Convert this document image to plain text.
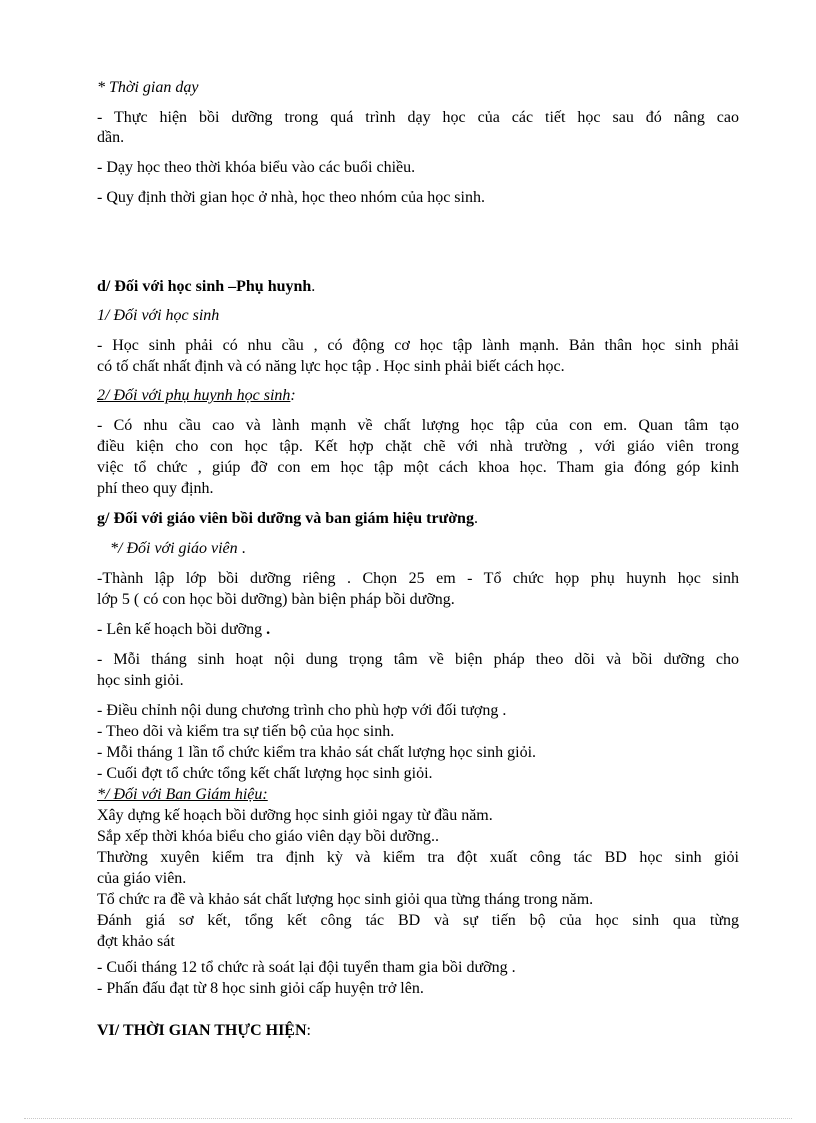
* Thời gian dạy

- Thực hiện bồi dưỡng trong quá trình dạy học của các tiết học sau đó nâng cao

dần.

- Dạy học theo thời khóa biểu vào các buổi chiều.

- Quy định thời gian học ở nhà, học theo nhóm của học sinh.

d/ Đối với học sinh –Phụ huynh.

1/ Đối với học sinh

- Học sinh phải có nhu cầu , có động cơ học tập lành mạnh. Bản thân học sinh phải

có tố chất nhất định và có năng lực học tập . Học sinh phải biết cách học.

2/ Đối với phụ huynh học sinh:

- Có nhu cầu cao và lành mạnh về chất lượng học tập của con em. Quan tâm tạo

điều kiện cho con học tập. Kết hợp chặt chẽ với nhà trường , với giáo viên trong

việc tổ chức , giúp đỡ con em học tập một cách khoa học. Tham gia đóng góp kinh

phí theo quy định.

g/ Đối với giáo viên bồi dưỡng và ban giám hiệu trường.

*/ Đối với giáo viên .

-Thành lập lớp bồi dưỡng riêng . Chọn 25 em - Tổ chức họp phụ huynh học sinh

lớp 5 ( có con học bồi dưỡng) bàn biện pháp bồi dưỡng.

- Lên kế hoạch bồi dưỡng .

- Mỗi tháng sinh hoạt nội dung trọng tâm về biện pháp theo dõi và bồi dưỡng cho

học sinh giỏi.

- Điều chỉnh nội dung chương trình cho phù hợp với đối tượng .

- Theo dõi và kiểm tra sự tiến bộ của học sinh.

- Mỗi tháng 1 lần tổ chức kiểm tra khảo sát chất lượng học sinh giỏi.

- Cuối đợt tổ chức tổng kết chất lượng học sinh giỏi.

*/ Đối với Ban Giám hiệu:

Xây dựng kế hoạch bồi dưỡng học sinh giỏi ngay từ đầu năm.

Sắp xếp thời khóa biểu cho giáo viên dạy bồi dưỡng..

Thường xuyên kiểm tra định kỳ và kiểm tra đột xuất công tác BD học sinh giỏi

của giáo viên.

Tổ chức ra đề và khảo sát chất lượng học sinh giỏi qua từng tháng trong năm.

Đánh giá sơ kết, tổng kết công tác BD và sự tiến bộ của học sinh qua từng

đợt khảo sát

- Cuối tháng 12 tổ chức rà soát lại đội tuyển tham gia bồi dưỡng .

- Phấn đấu đạt từ 8 học sinh giỏi cấp huyện trở lên.

VI/ THỜI GIAN THỰC HIỆN:
